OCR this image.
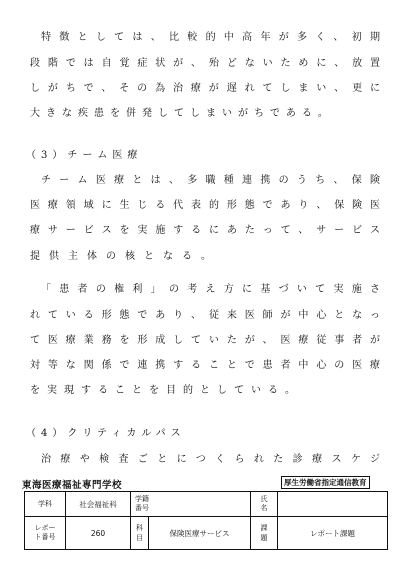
特徴としては、比較的中高年が多く、初期
段階では自覚症状が、殆どないために、放置
しがちで、その為治療が遅れてしまい、更に
大きな疾患を併発してしまいがちである。
（3）チーム医療
チーム医療とは、多職種連携のうち、保険
医療領域に生じる代表的形態であり、保険医
療サービスを実施するにあたって、サービス
提供主体の核となる。
「患者の権利」の考え方に基づいて実施さ
れている形態であり、従来医師が中心となっ
て医療業務を形成していたが、医療従事者が
対等な関係で連携することで患者中心の医療
を実現することを目的としている。
（4）クリティカルパス
治療や検査ごとにつくられた診療スケジ
東海医療福祉専門学校	厚生労働省指定通信教育
学科	社会福祉科	学籍番号		氏名	
レポート番号	260	科目	保険医療サービス	課題	レポート課題
